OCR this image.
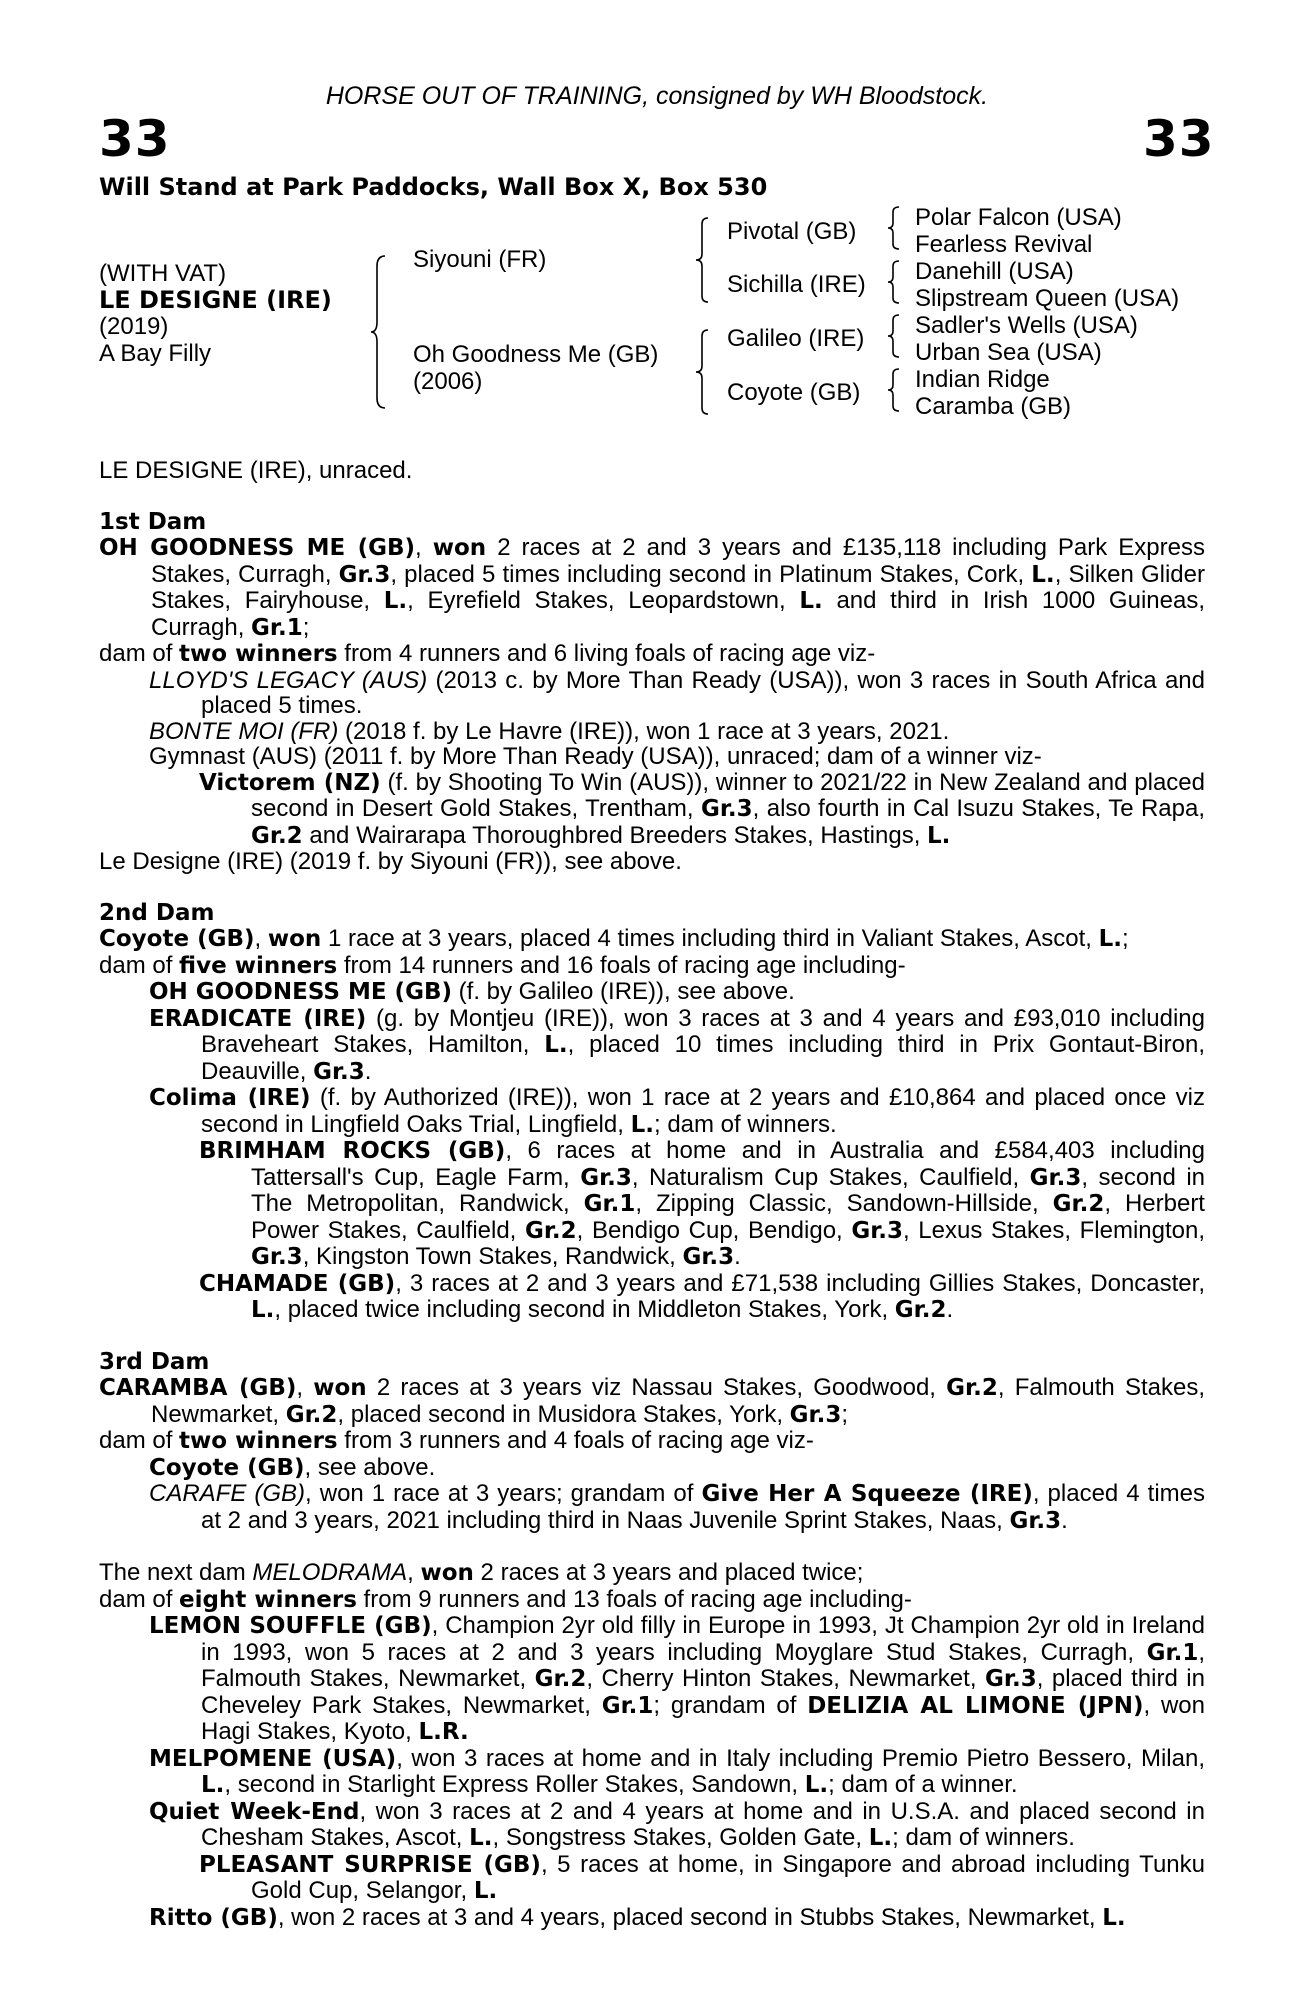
HORSE OUT OF TRAINING, consigned by WH Bloodstock.
33	33
Will Stand at Park Paddocks, Wall Box X, Box 530
(WITH VAT)
LE DESIGNE (IRE)
(2019)
A Bay Filly
Siyouni (FR)
Oh Goodness Me (GB)
(2006)
Pivotal (GB)
Sichilla (IRE)
Galileo (IRE)
Coyote (GB)
Polar Falcon (USA)
Fearless Revival
Danehill (USA)
Slipstream Queen (USA)
Sadler's Wells (USA)
Urban Sea (USA)
Indian Ridge
Caramba (GB)
LE DESIGNE (IRE), unraced.
1st Dam
OH GOODNESS ME (GB), won 2 races at 2 and 3 years and £135,118 including Park Express Stakes, Curragh, Gr.3, placed 5 times including second in Platinum Stakes, Cork, L., Silken Glider Stakes, Fairyhouse, L., Eyrefield Stakes, Leopardstown, L. and third in Irish 1000 Guineas, Curragh, Gr.1;
dam of two winners from 4 runners and 6 living foals of racing age viz-
LLOYD'S LEGACY (AUS) (2013 c. by More Than Ready (USA)), won 3 races in South Africa and placed 5 times.
BONTE MOI (FR) (2018 f. by Le Havre (IRE)), won 1 race at 3 years, 2021.
Gymnast (AUS) (2011 f. by More Than Ready (USA)), unraced; dam of a winner viz-
Victorem (NZ) (f. by Shooting To Win (AUS)), winner to 2021/22 in New Zealand and placed second in Desert Gold Stakes, Trentham, Gr.3, also fourth in Cal Isuzu Stakes, Te Rapa, Gr.2 and Wairarapa Thoroughbred Breeders Stakes, Hastings, L.
Le Designe (IRE) (2019 f. by Siyouni (FR)), see above.
2nd Dam
Coyote (GB), won 1 race at 3 years, placed 4 times including third in Valiant Stakes, Ascot, L.;
dam of five winners from 14 runners and 16 foals of racing age including-
OH GOODNESS ME (GB) (f. by Galileo (IRE)), see above.
ERADICATE (IRE) (g. by Montjeu (IRE)), won 3 races at 3 and 4 years and £93,010 including Braveheart Stakes, Hamilton, L., placed 10 times including third in Prix Gontaut-Biron, Deauville, Gr.3.
Colima (IRE) (f. by Authorized (IRE)), won 1 race at 2 years and £10,864 and placed once viz second in Lingfield Oaks Trial, Lingfield, L.; dam of winners.
BRIMHAM ROCKS (GB), 6 races at home and in Australia and £584,403 including Tattersall's Cup, Eagle Farm, Gr.3, Naturalism Cup Stakes, Caulfield, Gr.3, second in The Metropolitan, Randwick, Gr.1, Zipping Classic, Sandown-Hillside, Gr.2, Herbert Power Stakes, Caulfield, Gr.2, Bendigo Cup, Bendigo, Gr.3, Lexus Stakes, Flemington, Gr.3, Kingston Town Stakes, Randwick, Gr.3.
CHAMADE (GB), 3 races at 2 and 3 years and £71,538 including Gillies Stakes, Doncaster, L., placed twice including second in Middleton Stakes, York, Gr.2.
3rd Dam
CARAMBA (GB), won 2 races at 3 years viz Nassau Stakes, Goodwood, Gr.2, Falmouth Stakes, Newmarket, Gr.2, placed second in Musidora Stakes, York, Gr.3;
dam of two winners from 3 runners and 4 foals of racing age viz-
Coyote (GB), see above.
CARAFE (GB), won 1 race at 3 years; grandam of Give Her A Squeeze (IRE), placed 4 times at 2 and 3 years, 2021 including third in Naas Juvenile Sprint Stakes, Naas, Gr.3.
The next dam MELODRAMA, won 2 races at 3 years and placed twice;
dam of eight winners from 9 runners and 13 foals of racing age including-
LEMON SOUFFLE (GB), Champion 2yr old filly in Europe in 1993, Jt Champion 2yr old in Ireland in 1993, won 5 races at 2 and 3 years including Moyglare Stud Stakes, Curragh, Gr.1, Falmouth Stakes, Newmarket, Gr.2, Cherry Hinton Stakes, Newmarket, Gr.3, placed third in Cheveley Park Stakes, Newmarket, Gr.1; grandam of DELIZIA AL LIMONE (JPN), won Hagi Stakes, Kyoto, L.R.
MELPOMENE (USA), won 3 races at home and in Italy including Premio Pietro Bessero, Milan, L., second in Starlight Express Roller Stakes, Sandown, L.; dam of a winner.
Quiet Week-End, won 3 races at 2 and 4 years at home and in U.S.A. and placed second in Chesham Stakes, Ascot, L., Songstress Stakes, Golden Gate, L.; dam of winners.
PLEASANT SURPRISE (GB), 5 races at home, in Singapore and abroad including Tunku Gold Cup, Selangor, L.
Ritto (GB), won 2 races at 3 and 4 years, placed second in Stubbs Stakes, Newmarket, L.
